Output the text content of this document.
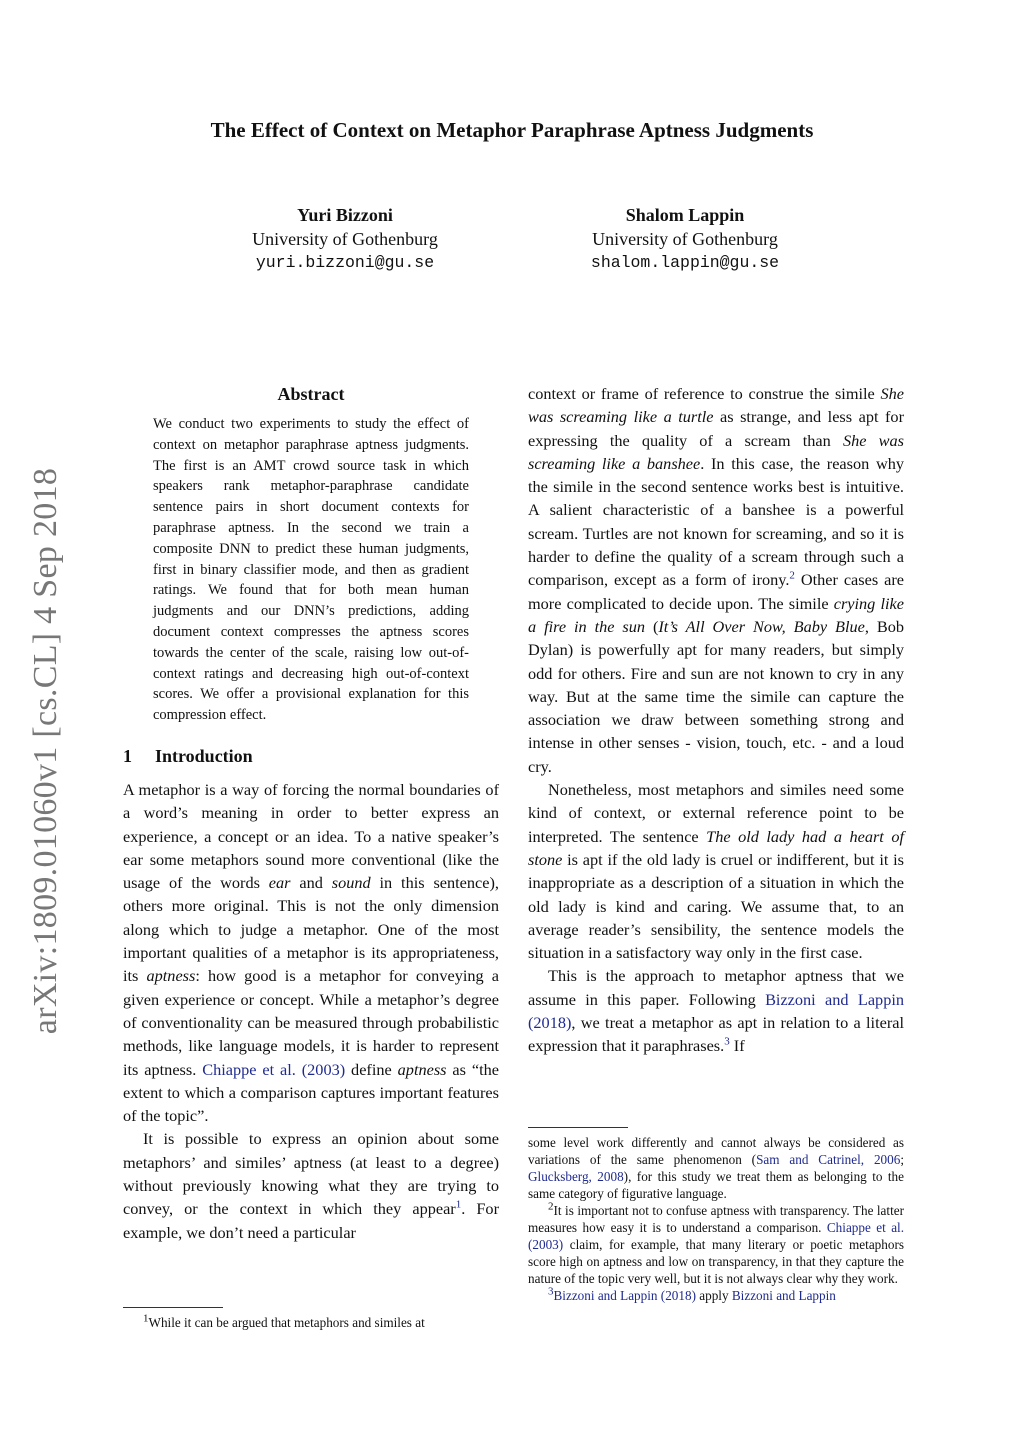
The Effect of Context on Metaphor Paraphrase Aptness Judgments
Yuri Bizzoni
University of Gothenburg
yuri.bizzoni@gu.se
Shalom Lappin
University of Gothenburg
shalom.lappin@gu.se
arXiv:1809.01060v1 [cs.CL] 4 Sep 2018
Abstract
We conduct two experiments to study the effect of context on metaphor paraphrase aptness judgments. The first is an AMT crowd source task in which speakers rank metaphor-paraphrase candidate sentence pairs in short document contexts for paraphrase aptness. In the second we train a composite DNN to predict these human judgments, first in binary classifier mode, and then as gradient ratings. We found that for both mean human judgments and our DNN’s predictions, adding document context compresses the aptness scores towards the center of the scale, raising low out-of-context ratings and decreasing high out-of-context scores. We offer a provisional explanation for this compression effect.
1 Introduction

A metaphor is a way of forcing the normal boundaries of a word’s meaning in order to better express an experience, a concept or an idea. To a native speaker’s ear some metaphors sound more conventional (like the usage of the words ear and sound in this sentence), others more original. This is not the only dimension along which to judge a metaphor. One of the most important qualities of a metaphor is its appropriateness, its aptness: how good is a metaphor for conveying a given experience or concept. While a metaphor’s degree of conventionality can be measured through probabilistic methods, like language models, it is harder to represent its aptness. Chiappe et al. (2003) define aptness as “the extent to which a comparison captures important features of the topic”.

It is possible to express an opinion about some metaphors’ and similes’ aptness (at least to a degree) without previously knowing what they are trying to convey, or the context in which they appear$^1$. For example, we don’t need a particular

$^1$While it can be argued that metaphors and similes at

context or frame of reference to construe the simile She was screaming like a turtle as strange, and less apt for expressing the quality of a scream than She was screaming like a banshee. In this case, the reason why the simile in the second sentence works best is intuitive. A salient characteristic of a banshee is a powerful scream. Turtles are not known for screaming, and so it is harder to define the quality of a scream through such a comparison, except as a form of irony.$^2$ Other cases are more complicated to decide upon. The simile crying like a fire in the sun (It’s All Over Now, Baby Blue, Bob Dylan) is powerfully apt for many readers, but simply odd for others. Fire and sun are not known to cry in any way. But at the same time the simile can capture the association we draw between something strong and intense in other senses - vision, touch, etc. - and a loud cry.

Nonetheless, most metaphors and similes need some kind of context, or external reference point to be interpreted. The sentence The old lady had a heart of stone is apt if the old lady is cruel or indifferent, but it is inappropriate as a description of a situation in which the old lady is kind and caring. We assume that, to an average reader’s sensibility, the sentence models the situation in a satisfactory way only in the first case.

This is the approach to metaphor aptness that we assume in this paper. Following Bizzoni and Lappin (2018), we treat a metaphor as apt in relation to a literal expression that it paraphrases.$^3$ If

some level work differently and cannot always be considered as variations of the same phenomenon (Sam and Catrinel, 2006; Glucksberg, 2008), for this study we treat them as belonging to the same category of figurative language.
$^2$It is important not to confuse aptness with transparency. The latter measures how easy it is to understand a comparison. Chiappe et al. (2003) claim, for example, that many literary or poetic metaphors score high on aptness and low on transparency, in that they capture the nature of the topic very well, but it is not always clear why they work.
$^3$Bizzoni and Lappin (2018) apply Bizzoni and Lappin
